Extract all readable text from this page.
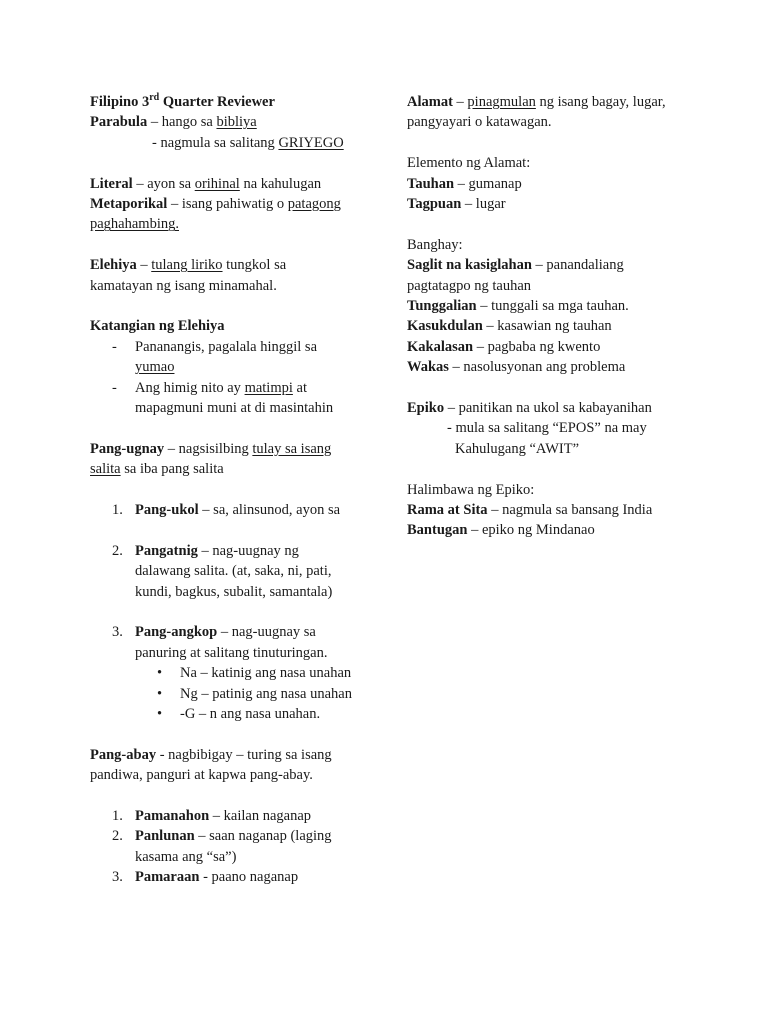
Filipino 3rd Quarter Reviewer
Parabula – hango sa bibliya
- nagmula sa salitang GRIYEGO
Literal – ayon sa orihinal na kahulugan
Metaporikal – isang pahiwatig o patagong
paghahambing.
Elehiya – tulang liriko tungkol sa
kamatayan ng isang minamahal.
Katangian ng Elehiya
- Pananangis, pagalala hinggil sa
yumao
- Ang himig nito ay matimpi at
mapagmuni muni at di masintahin
Pang-ugnay – nagsisilbing tulay sa isang
salita sa iba pang salita
1. Pang-ukol – sa, alinsunod, ayon sa
2. Pangatnig – nag-uugnay ng
dalawang salita. (at, saka, ni, pati,
kundi, bagkus, subalit, samantala)
3. Pang-angkop – nag-uugnay sa
panuring at salitang tinuturingan.
• Na – katinig ang nasa unahan
• Ng – patinig ang nasa unahan
• -G – n ang nasa unahan.
Pang-abay - nagbibigay – turing sa isang
pandiwa, panguri at kapwa pang-abay.
1. Pamanahon – kailan naganap
2. Panlunan – saan naganap (laging
kasama ang “sa”)
3. Pamaraan - paano naganap
Alamat – pinagmulan ng isang bagay, lugar,
pangyayari o katawagan.
Elemento ng Alamat:
Tauhan – gumanap
Tagpuan – lugar
Banghay:
Saglit na kasiglahan – panandaliang
pagtatagpo ng tauhan
Tunggalian – tunggali sa mga tauhan.
Kasukdulan – kasawian ng tauhan
Kakalasan – pagbaba ng kwento
Wakas – nasolusyonan ang problema
Epiko – panitikan na ukol sa kabayanihan
- mula sa salitang “EPOS” na may
Kahulugang “AWIT”
Halimbawa ng Epiko:
Rama at Sita – nagmula sa bansang India
Bantugan – epiko ng Mindanao
